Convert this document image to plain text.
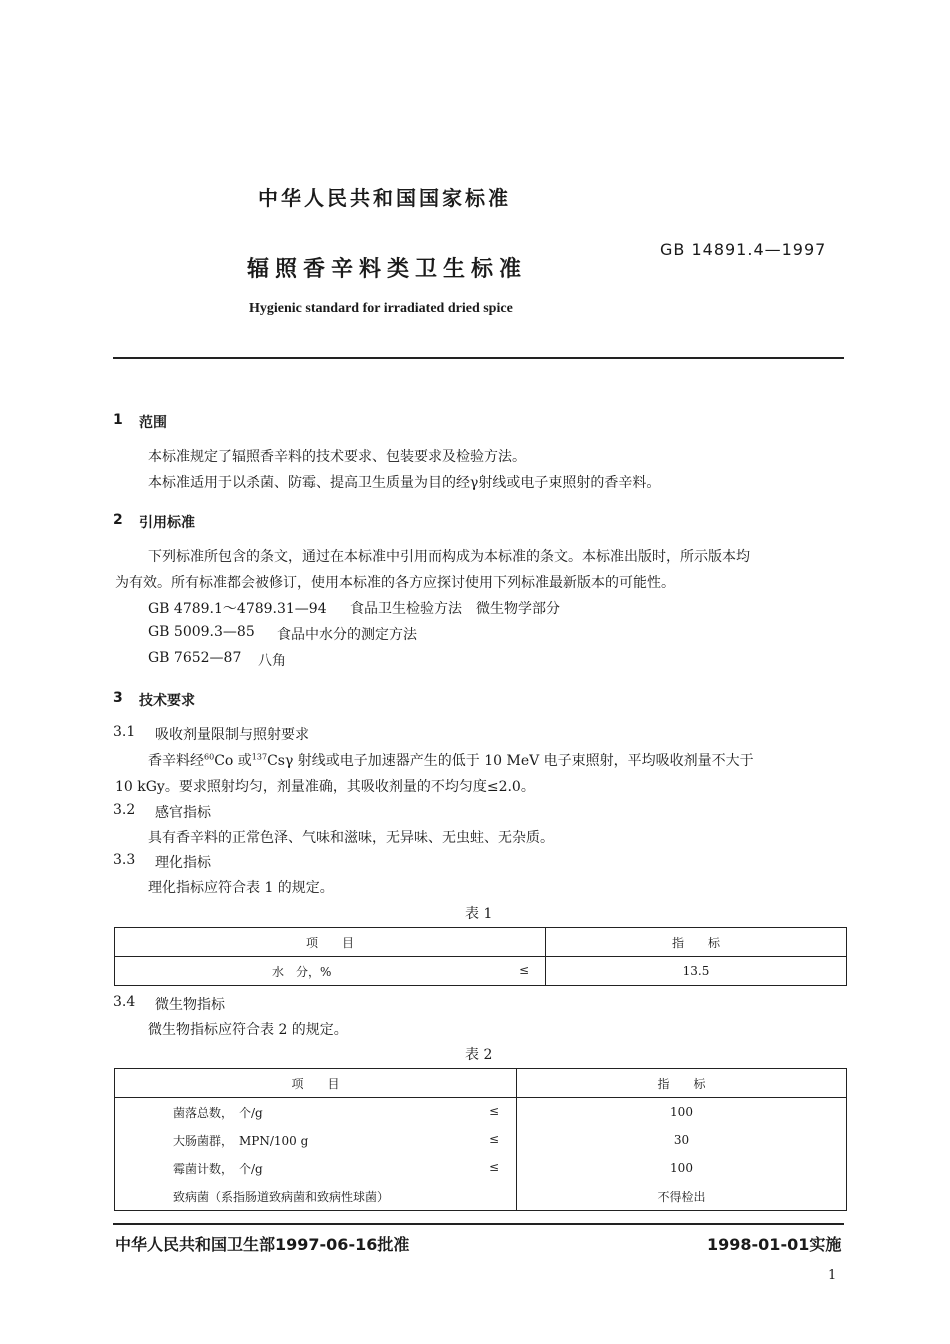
中华人民共和国国家标准
辐照香辛料类卫生标准
GB 14891.4—1997
Hygienic standard for irradiated dried spice
1 范围
本标准规定了辐照香辛料的技术要求、包装要求及检验方法。
本标准适用于以杀菌、防霉、提高卫生质量为目的经γ射线或电子束照射的香辛料。
2 引用标准
下列标准所包含的条文，通过在本标准中引用而构成为本标准的条文。本标准出版时，所示版本均
为有效。所有标准都会被修订，使用本标准的各方应探讨使用下列标准最新版本的可能性。
GB 4789.1～4789.31—94 食品卫生检验方法　微生物学部分
GB 5009.3—85 食品中水分的测定方法
GB 7652—87 八角
3 技术要求
3.1 吸收剂量限制与照射要求
香辛料经$^{60}$Co 或$^{137}$Csγ 射线或电子加速器产生的低于 10 MeV 电子束照射，平均吸收剂量不大于
10 kGy。要求照射均匀，剂量准确，其吸收剂量的不均匀度≤2.0。
3.2 感官指标
具有香辛料的正常色泽、气味和滋味，无异味、无虫蛀、无杂质。
3.3 理化指标
理化指标应符合表 1 的规定。
表 1
项　　目	指　　标

水　分，% ≤	13.5
3.4 微生物指标
微生物指标应符合表 2 的规定。
表 2
项　　目	指　　标

菌落总数，　个/g ≤	100

大肠菌群，　MPN/100 g ≤	30

霉菌计数，　个/g ≤	100

致病菌（系指肠道致病菌和致病性球菌）	不得检出
中华人民共和国卫生部1997-06-16批准	1998-01-01实施
1
